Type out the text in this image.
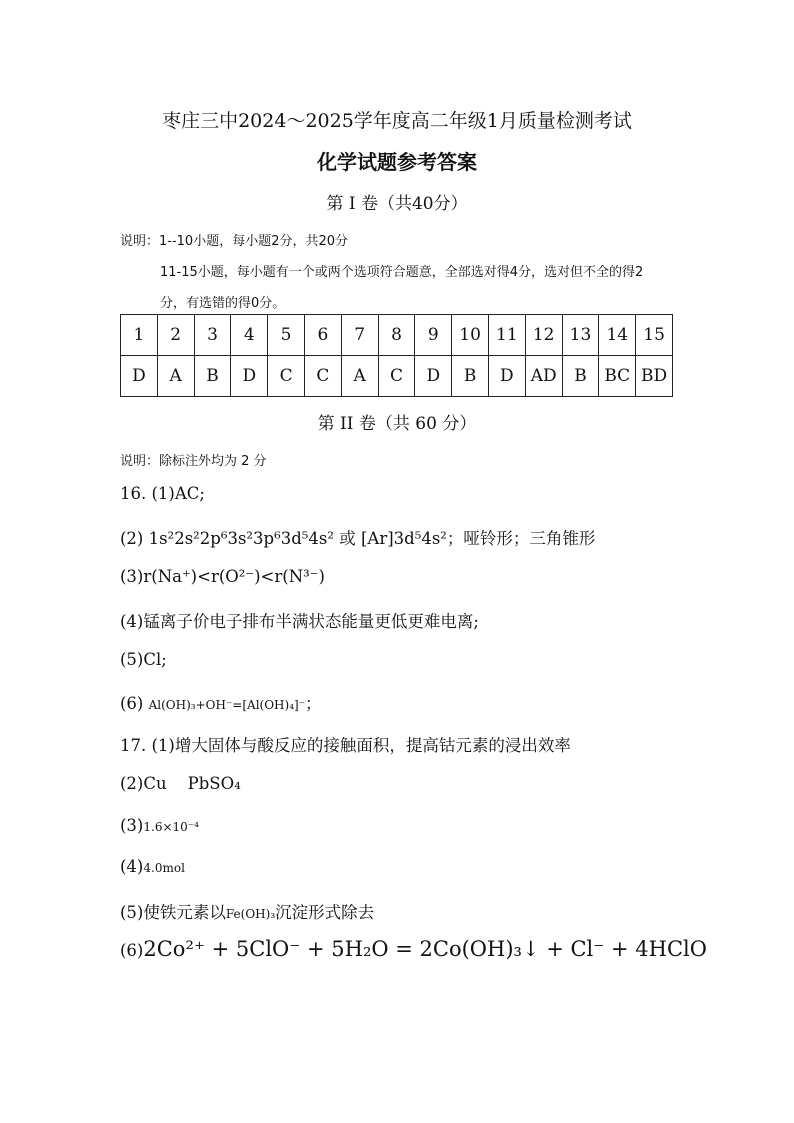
枣庄三中2024～2025学年度高二年级1月质量检测考试
化学试题参考答案
第 I 卷（共40分）
说明：1--10小题，每小题2分，共20分
11-15小题，每小题有一个或两个选项符合题意，全部选对得4分，选对但不全的得2
分，有选错的得0分。
1	2	3	4	5	6	7	8	9	10	11	12	13	14	15
D	A	B	D	C	C	A	C	D	B	D	AD	B	BC	BD
第 II 卷（共 60 分）
说明：除标注外均为 2 分
16. (1)AC;
(2) 1s²2s²2p⁶3s²3p⁶3d⁵4s² 或 [Ar]3d⁵4s²；哑铃形；三角锥形
(3)r(Na⁺)<r(O²⁻)<r(N³⁻)
(4)锰离子价电子排布半满状态能量更低更难电离;
(5)Cl;
(6) Al(OH)₃+OH⁻=[Al(OH)₄]⁻；
17. (1)增大固体与酸反应的接触面积，提高钴元素的浸出效率
(2)Cu    PbSO₄
(3)1.6×10⁻⁴
(4)4.0mol
(5)使铁元素以Fe(OH)₃沉淀形式除去
(6)2Co²⁺ + 5ClO⁻ + 5H₂O = 2Co(OH)₃↓ + Cl⁻ + 4HClO
